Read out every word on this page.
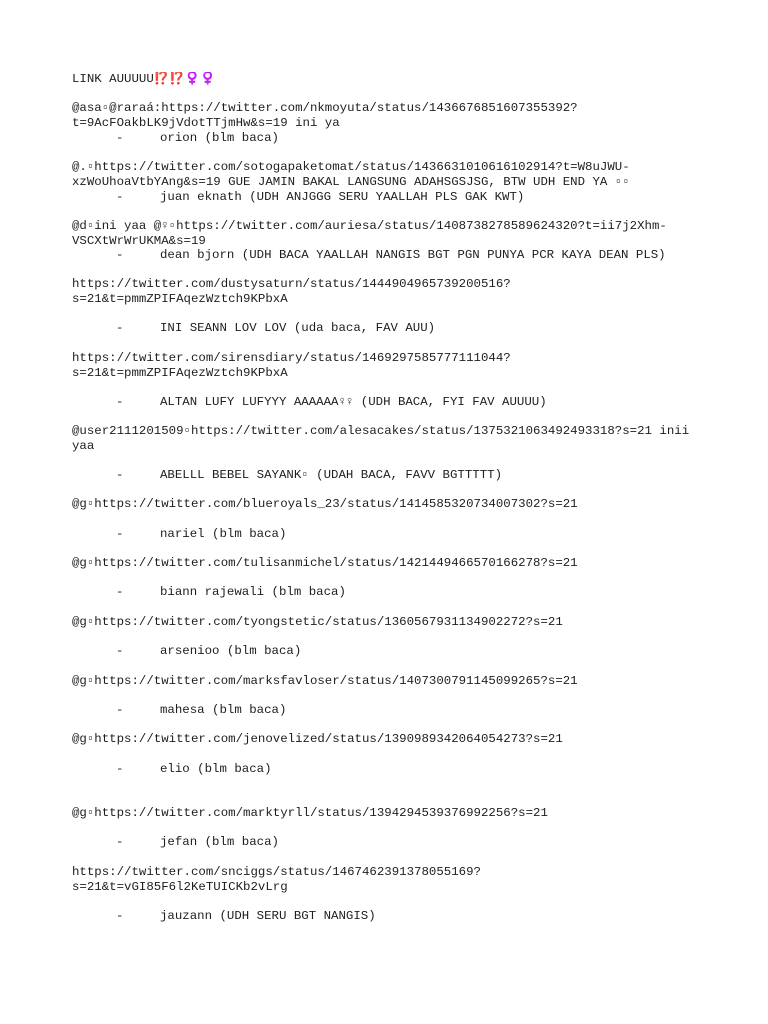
LINK AUUUUU⁉️⁉️♀️♀️
@asa▫@raraá:https://twitter.com/nkmoyuta/status/1436676851607355392?
t=9AcFOakbLK9jVdotTTjmHw&s=19 ini ya

-

	orion (blm baca)

@.▫https://twitter.com/sotogapaketomat/status/1436631010616102914?t=W8uJWU-
xzWoUhoaVtbYAng&s=19 GUE JAMIN BAKAL LANGSUNG ADAHSGSJSG, BTW UDH END YA ▫▫

-

	juan eknath (UDH ANJGGG SERU YAALLAH PLS GAK KWT)

@d▫ini yaa @♀▫https://twitter.com/auriesa/status/1408738278589624320?t=ii7j2Xhm-
VSCXtWrWrUKMA&s=19

-

	dean bjorn (UDH BACA YAALLAH NANGIS BGT PGN PUNYA PCR KAYA DEAN PLS)

https://twitter.com/dustysaturn/status/1444904965739200516?
s=21&t=pmmZPIFAqezWztch9KPbxA

-

	INI SEANN LOV LOV (uda baca, FAV AUU)

https://twitter.com/sirensdiary/status/1469297585777111044?
s=21&t=pmmZPIFAqezWztch9KPbxA

-

	ALTAN LUFY LUFYYY AAAAAA♀♀ (UDH BACA, FYI FAV AUUUU)

@user2111201509▫https://twitter.com/alesacakes/status/1375321063492493318?s=21 inii
yaa

-

	ABELLL BEBEL SAYANK▫ (UDAH BACA, FAVV BGTTTTT)

@g▫https://twitter.com/blueroyals_23/status/1414585320734007302?s=21

-

	nariel (blm baca)

@g▫https://twitter.com/tulisanmichel/status/1421449466570166278?s=21

-

	biann rajewali (blm baca)

@g▫https://twitter.com/tyongstetic/status/1360567931134902272?s=21

-

	arsenioo (blm baca)

@g▫https://twitter.com/marksfavloser/status/1407300791145099265?s=21

-

	mahesa (blm baca)

@g▫https://twitter.com/jenovelized/status/1390989342064054273?s=21

-

	elio (blm baca)

@g▫https://twitter.com/marktyrll/status/1394294539376992256?s=21

-

	jefan (blm baca)

https://twitter.com/snciggs/status/1467462391378055169?
s=21&t=vGI85F6l2KeTUICKb2vLrg

-

	jauzann (UDH SERU BGT NANGIS)
